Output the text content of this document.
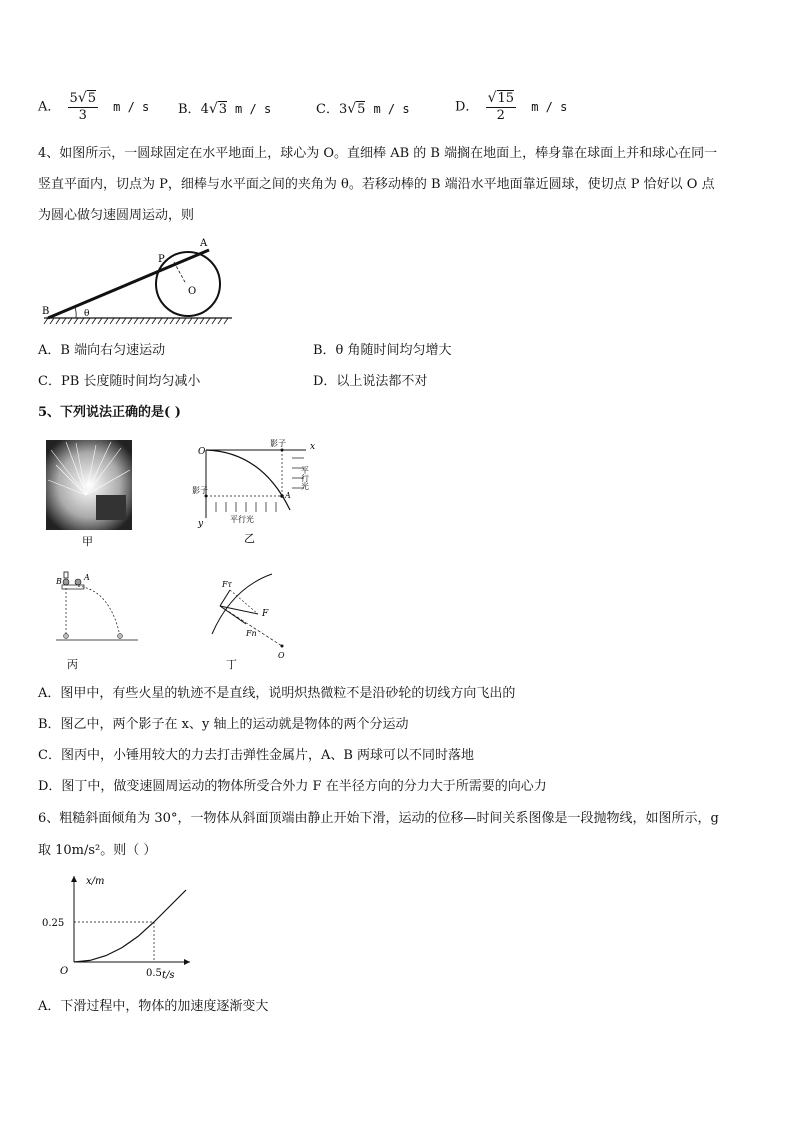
A． $\frac{5√5}{3}$ m / s B．4√3 m / s	C．3√5 m / s	D． $\frac{√15}{2}$ m / s
4、如图所示，一圆球固定在水平地面上，球心为 O。直细棒 AB 的 B 端搁在地面上，棒身靠在球面上并和球心在同一
竖直平面内，切点为 P，细棒与水平面之间的夹角为 θ。若移动棒的 B 端沿水平地面靠近圆球，使切点 P 恰好以 O 点
为圆心做匀速圆周运动，则
A
P
O
B	θ
A．B 端向右匀速运动	B．θ 角随时间均匀增大
C．PB 长度随时间均匀减小	D．以上说法都不对
5、下列说法正确的是( )
甲
O	x
y
A
影子
影子
平行光
平行光
乙
B	A
丙
Fτ
F
Fn
O
丁
A．图甲中，有些火星的轨迹不是直线，说明炽热微粒不是沿砂轮的切线方向飞出的
B．图乙中，两个影子在 x、y 轴上的运动就是物体的两个分运动
C．图丙中，小锤用较大的力去打击弹性金属片，A、B 两球可以不同时落地
D．图丁中，做变速圆周运动的物体所受合外力 F 在半径方向的分力大于所需要的向心力
6、粗糙斜面倾角为 30°，一物体从斜面顶端由静止开始下滑，运动的位移—时间关系图像是一段抛物线，如图所示，g
取 10m/s²。则（ ）
x/m
t/s
O
0.25
0.5
A．下滑过程中，物体的加速度逐渐变大
